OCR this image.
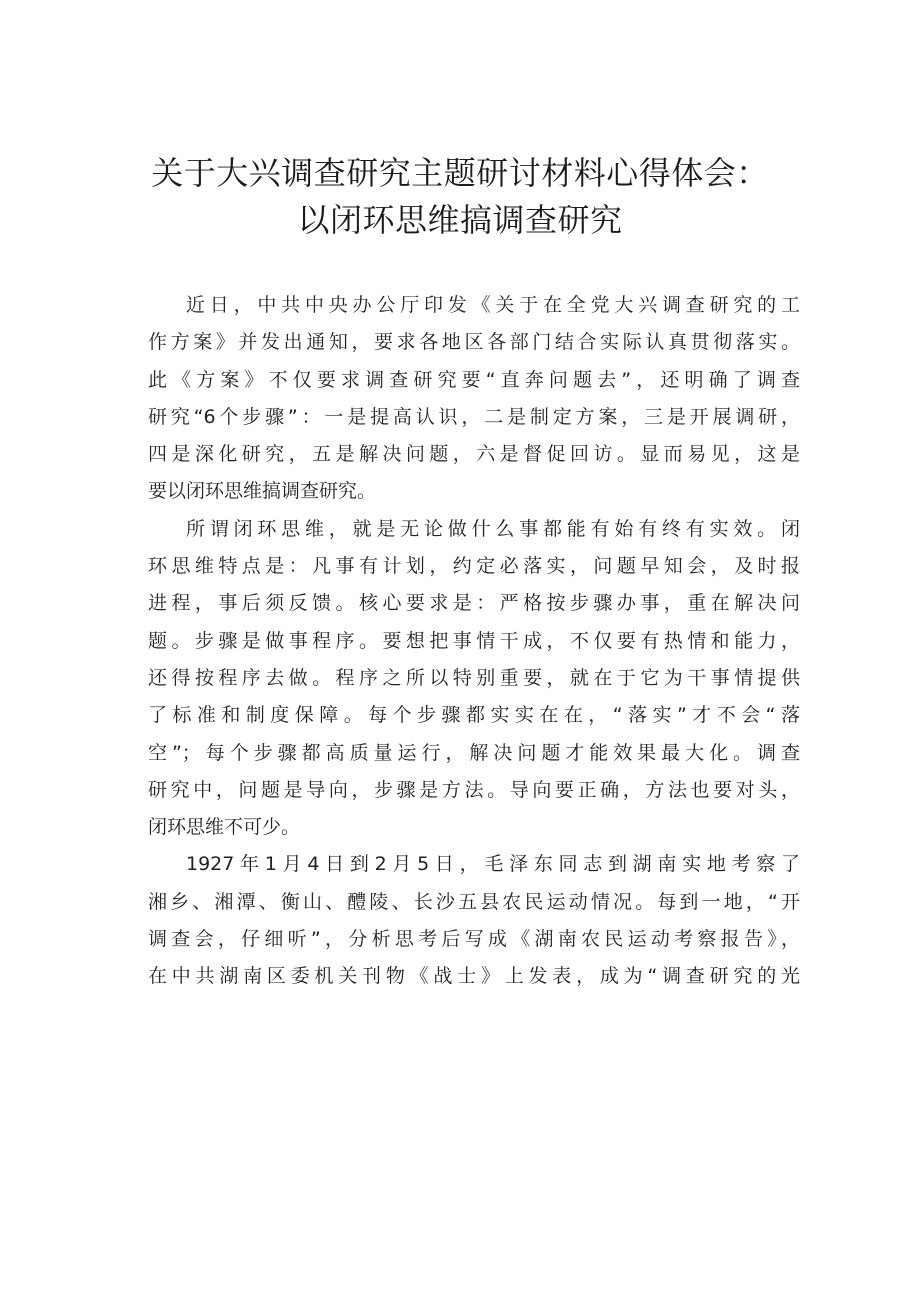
关于大兴调查研究主题研讨材料心得体会：
以闭环思维搞调查研究
近日，中共中央办公厅印发《关于在全党大兴调查研究的工
作方案》并发出通知，要求各地区各部门结合实际认真贯彻落实。
此《方案》不仅要求调查研究要“直奔问题去”，还明确了调查
研究“6个步骤”：一是提高认识，二是制定方案，三是开展调研，
四是深化研究，五是解决问题，六是督促回访。显而易见，这是
要以闭环思维搞调查研究。
所谓闭环思维，就是无论做什么事都能有始有终有实效。闭
环思维特点是：凡事有计划，约定必落实，问题早知会，及时报
进程，事后须反馈。核心要求是：严格按步骤办事，重在解决问
题。步骤是做事程序。要想把事情干成，不仅要有热情和能力，
还得按程序去做。程序之所以特别重要，就在于它为干事情提供
了标准和制度保障。每个步骤都实实在在，“落实”才不会“落
空”；每个步骤都高质量运行，解决问题才能效果最大化。调查
研究中，问题是导向，步骤是方法。导向要正确，方法也要对头，
闭环思维不可少。
1927年1月4日到2月5日，毛泽东同志到湖南实地考察了
湘乡、湘潭、衡山、醴陵、长沙五县农民运动情况。每到一地，“开
调查会，仔细听”，分析思考后写成《湖南农民运动考察报告》，
在中共湖南区委机关刊物《战士》上发表，成为“调查研究的光
